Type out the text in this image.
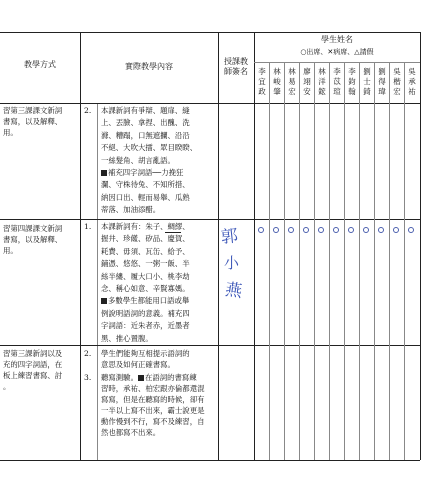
教學方式	實際教學內容
授課教
師簽名
學生姓名
○出席、✕病席、△請假
李
宜
政
林
峻
肇
林
易
宏
廖
翊
安
林
洋
鋐
李
苡
瑄
李
鈞
翰
劉
士
錡
劉
得
瑋
吳
楷
宏
吳
承
祐
習第三課課文新詞
書寫，以及解釋、
用。
2. 本課新詞有爭辯、題扉、縫
上、丟臉、拿捏、出醜、洗
滌、糟蹋，口無遮攔、沿沿
不絕、大吹大擂、眾目睽睽、
一絲髮角、胡言亂語。
補充四字詞語──力挽狂
瀾、守株待兔、不知所措、
納因口出、輕而易舉、瓜熟
蒂落、加油添醋。
習第四課課文新詞
書寫，以及解釋、
用。
1. 本課新詞有：朱子、綢繆、
握井、珍饈、矽品、慶賀、
耗費、毋須、瓦缶、給予、
鋪憑、悠悠、一粥一飯、半
絲半縷、履大口小、桃李劫
念、稱心如意、辛賢寡媽。
多數學生都能用口語或舉
例說明語詞的意義。補充四
字詞語：近朱者赤，近墨者
黑、推心置腹。
郭
小
燕
習第三課新詞以及
充的四字詞語，在
板上練習書寫、討
。
2. 學生們能夠互相提示語詞的
意思及如何正確書寫。
3. 聽寫測驗。 在語詞的書寫練
習時，承祐、柏宏跟亦倫都還混
寫寫，但是在聽寫的時候，卻有
一半以上寫不出來，霸士說更是
動作慢到不行，寫不及練習，自
然也都寫不出來。
